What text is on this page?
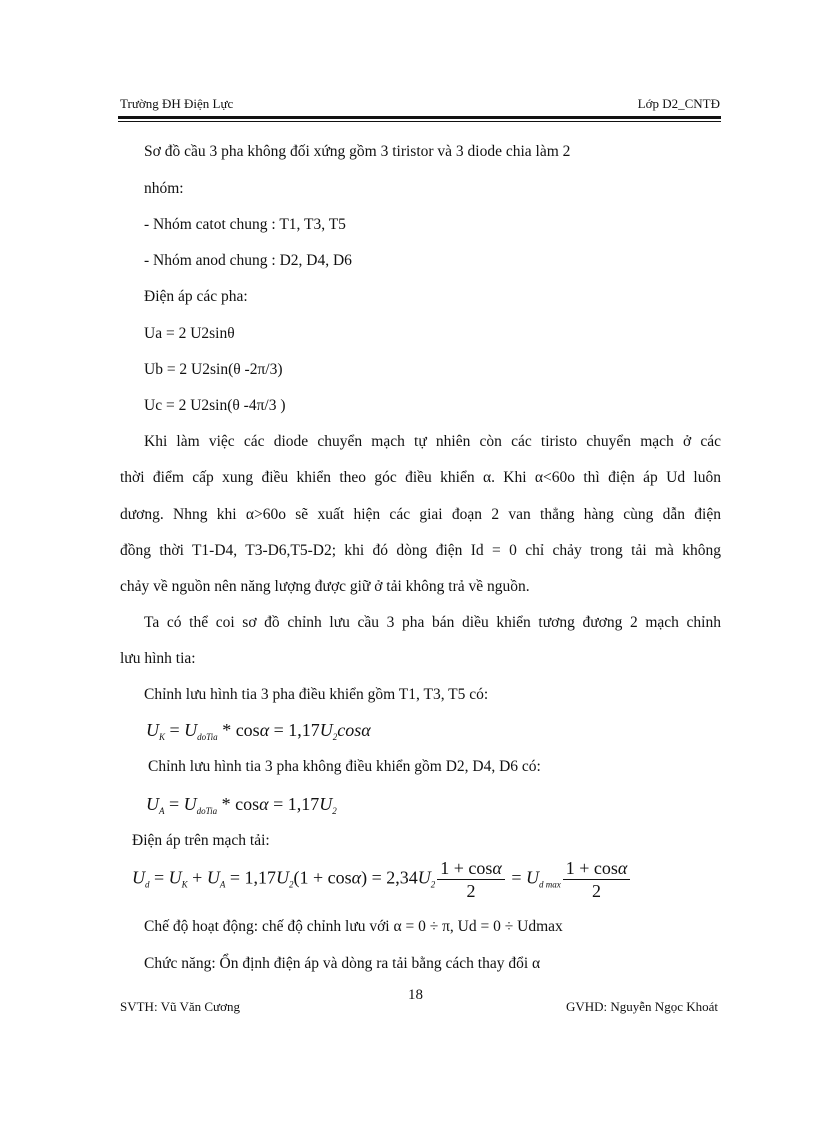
Trường ĐH Điện Lực	Lớp D2_CNTĐ
Sơ đồ cầu 3 pha không đối xứng gồm 3 tiristor và 3 diode chia làm 2
nhóm:
- Nhóm catot chung : T1, T3, T5
- Nhóm anod chung : D2, D4, D6
Điện áp các pha:
Ua = 2 U2sinθ
Ub = 2 U2sin(θ -2π/3)
Uc = 2 U2sin(θ -4π/3 )
Khi làm việc các diode chuyển mạch tự nhiên còn các tiristo chuyển mạch ở các
thời điểm cấp xung điều khiển theo góc điều khiển α. Khi α<60o thì điện áp Ud luôn
dương. Nhng khi α>60o sẽ xuất hiện các giai đoạn 2 van thẳng hàng cùng dẫn điện
đồng thời T1-D4, T3-D6,T5-D2; khi đó dòng điện Id = 0 chỉ chảy trong tải mà không
chảy về nguồn nên năng lượng được giữ ở tải không trả về nguồn.
Ta có thể coi sơ đồ chỉnh lưu cầu 3 pha bán diều khiển tương đương 2 mạch chỉnh
lưu hình tia:
Chỉnh lưu hình tia 3 pha điều khiển gồm T1, T3, T5 có:
$U_K = U_{doTia} * \cos\alpha = 1,17U_2\cos\alpha$
Chỉnh lưu hình tia 3 pha không điều khiển gồm D2, D4, D6 có:
$U_A = U_{doTia} * \cos\alpha = 1,17U_2$
Điện áp trên mạch tải:
$U_d = U_K + U_A = 1,17U_2(1 + \cos\alpha) = 2,34U_2 \frac{1 + \cos\alpha}{2} = U_{d max} \frac{1 + \cos\alpha}{2}$
Chế độ hoạt động: chế độ chỉnh lưu với α = 0 ÷ π, Ud = 0 ÷ Udmax
Chức năng: Ổn định điện áp và dòng ra tải bằng cách thay đổi α
SVTH: Vũ Văn Cương
18
GVHD: Nguyễn Ngọc Khoát
